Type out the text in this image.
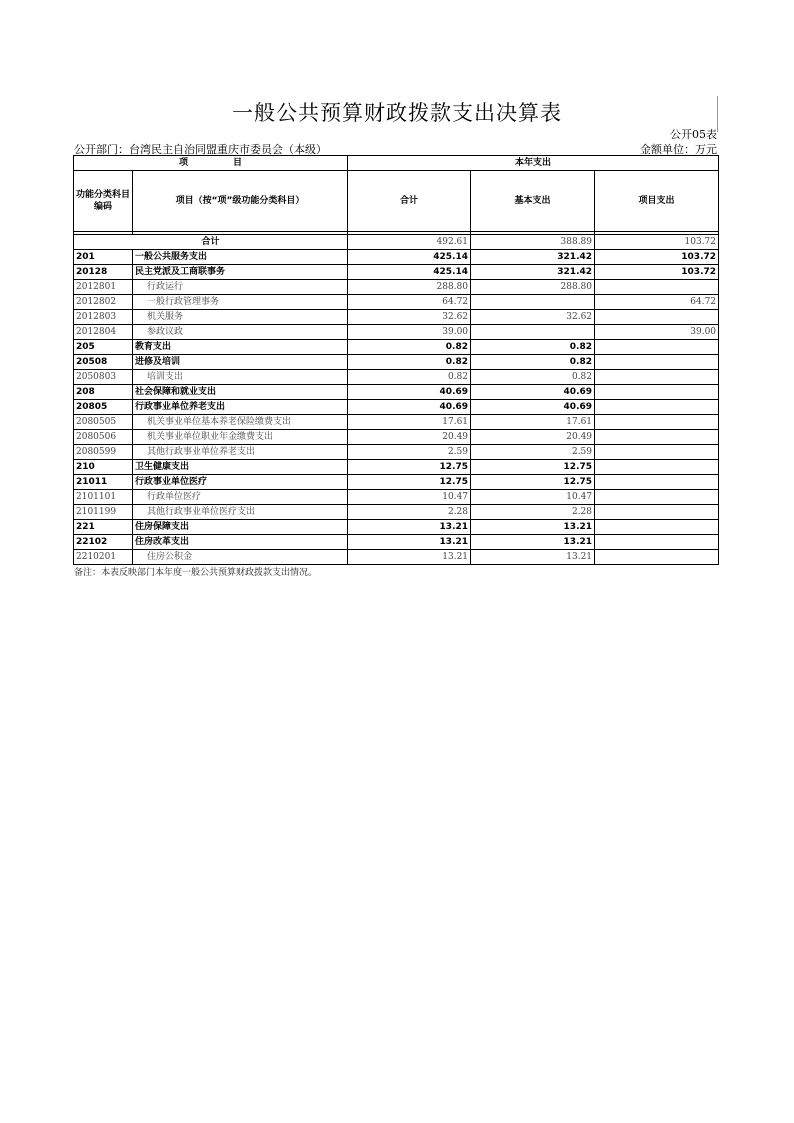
一般公共预算财政拨款支出决算表
公开05表
公开部门：台湾民主自治同盟重庆市委员会（本级）	金额单位：万元
项　　　　　目		本年支出		
功能分类科目编码	项目（按“项”级功能分类科目）	合计	基本支出	项目支出

合计		492.61	388.89	103.72
201	一般公共服务支出	425.14	321.42	103.72
20128	民主党派及工商联事务	425.14	321.42	103.72
2012801	行政运行	288.80	288.80	
2012802	一般行政管理事务	64.72		64.72
2012803	机关服务	32.62	32.62	
2012804	参政议政	39.00		39.00
205	教育支出	0.82	0.82	
20508	进修及培训	0.82	0.82	
2050803	培训支出	0.82	0.82	
208	社会保障和就业支出	40.69	40.69	
20805	行政事业单位养老支出	40.69	40.69	
2080505	机关事业单位基本养老保险缴费支出	17.61	17.61	
2080506	机关事业单位职业年金缴费支出	20.49	20.49	
2080599	其他行政事业单位养老支出	2.59	2.59	
210	卫生健康支出	12.75	12.75	
21011	行政事业单位医疗	12.75	12.75	
2101101	行政单位医疗	10.47	10.47	
2101199	其他行政事业单位医疗支出	2.28	2.28	
221	住房保障支出	13.21	13.21	
22102	住房改革支出	13.21	13.21	
2210201	住房公积金	13.21	13.21	
备注：本表反映部门本年度一般公共预算财政拨款支出情况。
